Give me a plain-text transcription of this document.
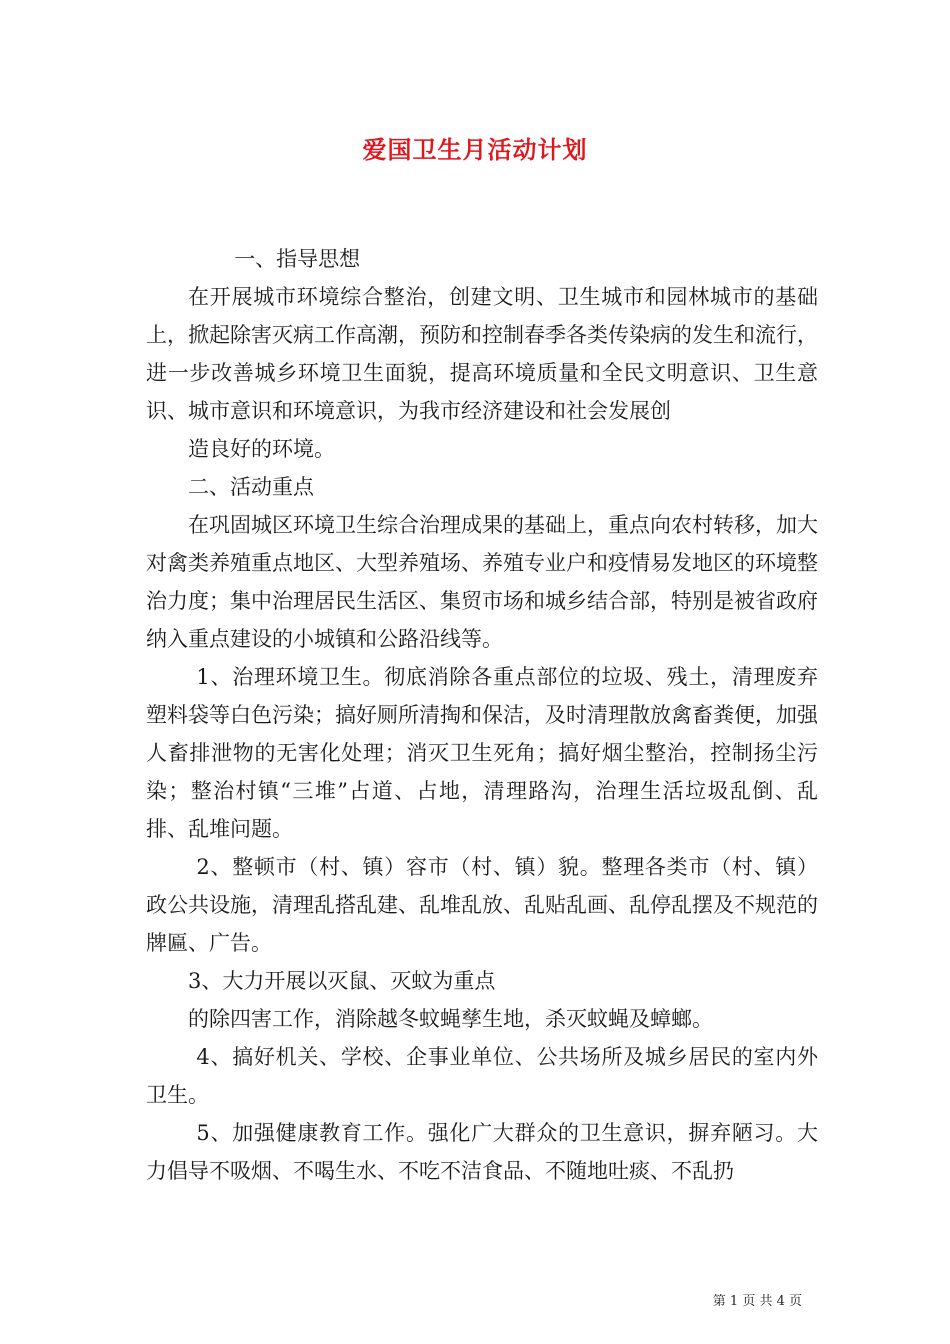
爱国卫生月活动计划

一、指导思想

在开展城市环境综合整治，创建文明、卫生城市和园林城市的基础上，掀起除害灭病工作高潮，预防和控制春季各类传染病的发生和流行，进一步改善城乡环境卫生面貌，提高环境质量和全民文明意识、卫生意识、城市意识和环境意识，为我市经济建设和社会发展创

造良好的环境。

二、活动重点

在巩固城区环境卫生综合治理成果的基础上，重点向农村转移，加大对禽类养殖重点地区、大型养殖场、养殖专业户和疫情易发地区的环境整治力度；集中治理居民生活区、集贸市场和城乡结合部，特别是被省政府纳入重点建设的小城镇和公路沿线等。

1、治理环境卫生。彻底消除各重点部位的垃圾、残土，清理废弃塑料袋等白色污染；搞好厕所清掏和保洁，及时清理散放禽畜粪便，加强人畜排泄物的无害化处理；消灭卫生死角；搞好烟尘整治，控制扬尘污染；整治村镇“三堆”占道、占地，清理路沟，治理生活垃圾乱倒、乱排、乱堆问题。

2、整顿市（村、镇）容市（村、镇）貌。整理各类市（村、镇）政公共设施，清理乱搭乱建、乱堆乱放、乱贴乱画、乱停乱摆及不规范的牌匾、广告。

3、大力开展以灭鼠、灭蚊为重点

的除四害工作，消除越冬蚊蝇孳生地，杀灭蚊蝇及蟑螂。

4、搞好机关、学校、企事业单位、公共场所及城乡居民的室内外卫生。

5、加强健康教育工作。强化广大群众的卫生意识，摒弃陋习。大力倡导不吸烟、不喝生水、不吃不洁食品、不随地吐痰、不乱扔

第 1 页 共 4 页
